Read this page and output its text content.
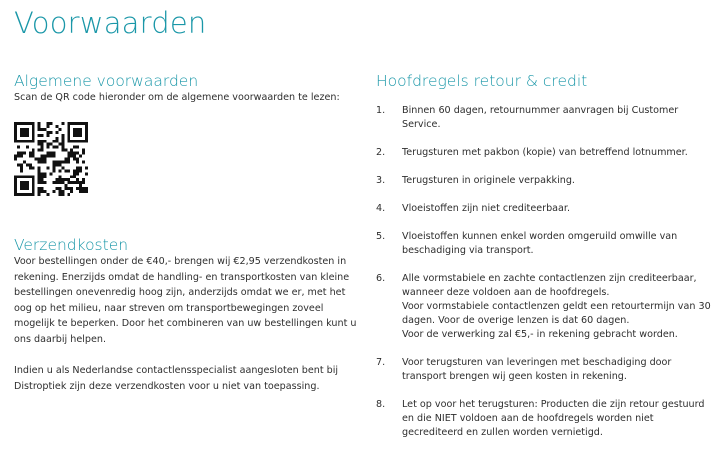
Voorwaarden
Algemene voorwaarden

Scan de QR code hieronder om de algemene voorwaarden te lezen:

Verzendkosten

Voor bestellingen onder de €40,- brengen wij €2,95 verzendkosten in rekening. Enerzijds omdat de handling- en transportkosten van kleine bestellingen onevenredig hoog zijn, anderzijds omdat we er, met het oog op het milieu, naar streven om transportbewegingen zoveel mogelijk te beperken. Door het combineren van uw bestellingen kunt u ons daarbij helpen.

Indien u als Nederlandse contactlensspecialist aangesloten bent bij Distroptiek zijn deze verzendkosten voor u niet van toepassing.

Hoofdregels retour & credit
1.	Binnen 60 dagen, retournummer aanvragen bij Customer Service.
2.	Terugsturen met pakbon (kopie) van betreffend lotnummer.
3.	Terugsturen in originele verpakking.
4.	Vloeistoffen zijn niet crediteerbaar.
5.	Vloeistoffen kunnen enkel worden omgeruild omwille van beschadiging via transport.
6.	Alle vormstabiele en zachte contactlenzen zijn crediteerbaar, wanneer deze voldoen aan de hoofdregels.
Voor vormstabiele contactlenzen geldt een retourtermijn van 30 dagen. Voor de overige lenzen is dat 60 dagen.
Voor de verwerking zal €5,- in rekening gebracht worden.
7.	Voor terugsturen van leveringen met beschadiging door transport brengen wij geen kosten in rekening.
8.	Let op voor het terugsturen: Producten die zijn retour gestuurd en die NIET voldoen aan de hoofdregels worden niet gecrediteerd en zullen worden vernietigd.
